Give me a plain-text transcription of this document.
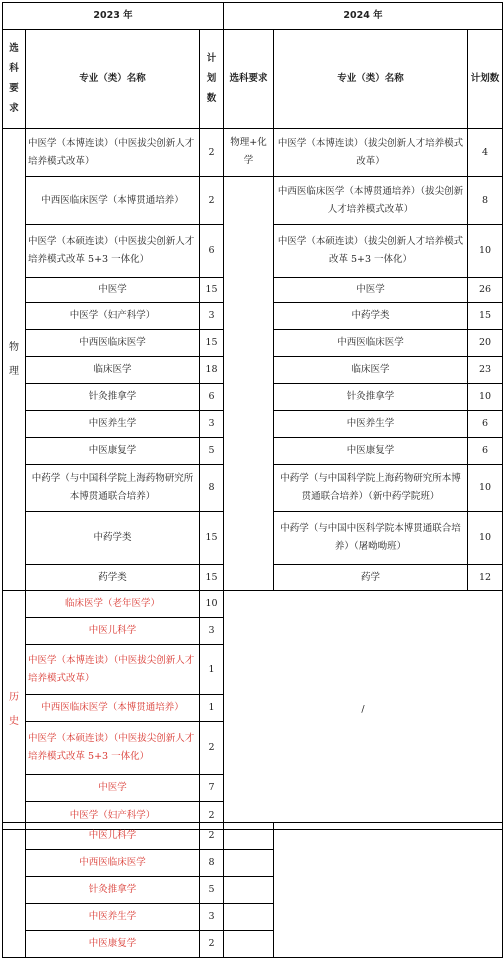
2023 年			2024 年		
选科要求	专业（类）名称	计划数	选科要求	专业（类）名称	计划数
物理	中医学（本博连读）（中医拔尖创新人才培养模式改革）	2	物理+化学	中医学（本博连读）（拔尖创新人才培养模式改革）	4
	中西医临床医学（本博贯通培养）	2		中西医临床医学（本博贯通培养）（拔尖创新人才培养模式改革）	8
	中医学（本硕连读）（中医拔尖创新人才培养模式改革 5+3 一体化）	6		中医学（本硕连读）（拔尖创新人才培养模式改革 5+3 一体化）	10
	中医学	15		中医学	26
	中医学（妇产科学）	3		中药学类	15
	中西医临床医学	15		中西医临床医学	20
	临床医学	18		临床医学	23
	针灸推拿学	6		针灸推拿学	10
	中医养生学	3		中医养生学	6
	中医康复学	5		中医康复学	6
	中药学（与中国科学院上海药物研究所本博贯通联合培养）	8		中药学（与中国科学院上海药物研究所本博贯通联合培养）（新中药学院班）	10
	中药学类	15		中药学（与中国中医科学院本博贯通联合培养）（屠呦呦班）	10
	药学类	15		药学	12
历史	临床医学（老年医学）	10	/		
	中医儿科学	3			
	中医学（本博连读）（中医拔尖创新人才培养模式改革）	1			
	中西医临床医学（本博贯通培养）	1			
	中医学（本硕连读）（中医拔尖创新人才培养模式改革 5+3 一体化）	2			
	中医学	7			
	中医学（妇产科学）	2			
	中医儿科学	2		
	中西医临床医学	8		
	针灸推拿学	5		
	中医养生学	3		
	中医康复学	2		
